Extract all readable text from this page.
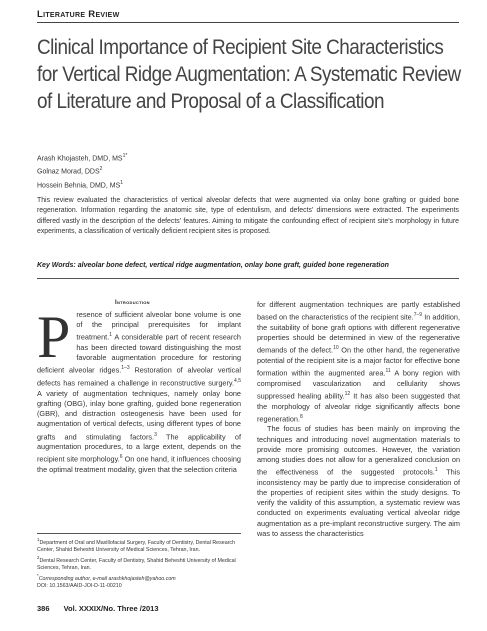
Literature Review
Clinical Importance of Recipient Site Characteristics for Vertical Ridge Augmentation: A Systematic Review of Literature and Proposal of a Classification
Arash Khojasteh, DMD, $MS^{1*}$
Golnaz Morad, DDS$^2$
Hossein Behnia, DMD, $MS^1$
This review evaluated the characteristics of vertical alveolar defects that were augmented via onlay bone grafting or guided bone regeneration. Information regarding the anatomic site, type of edentulism, and defects' dimensions were extracted. The experiments differed vastly in the description of the defects' features. Aiming to mitigate the confounding effect of recipient site's morphology in future experiments, a classification of vertically deficient recipient sites is proposed.
Key Words: alveolar bone defect, vertical ridge augmentation, onlay bone graft, guided bone regeneration
Introduction

Presence of sufficient alveolar bone volume is one of the principal prerequisites for implant treatment.$^1$ A considerable part of recent research has been directed toward distinguishing the most favorable augmentation procedure for restoring deficient alveolar ridges.$^{1-3}$ Restoration of alveolar vertical defects has remained a challenge in reconstructive surgery.$^{4,5}$ A variety of augmentation techniques, namely onlay bone grafting (OBG), inlay bone grafting, guided bone regeneration (GBR), and distraction osteogenesis have been used for augmentation of vertical defects, using different types of bone grafts and stimulating factors.$^3$ The applicability of augmentation procedures, to a large extent, depends on the recipient site morphology.$^6$ On one hand, it influences choosing the optimal treatment modality, given that the selection criteria

for different augmentation techniques are partly established based on the characteristics of the recipient site.$^{7-9}$ In addition, the suitability of bone graft options with different regenerative properties should be determined in view of the regenerative demands of the defect.$^{10}$ On the other hand, the regenerative potential of the recipient site is a major factor for effective bone formation within the augmented area.$^{11}$ A bony region with compromised vascularization and cellularity shows suppressed healing ability.$^{12}$ It has also been suggested that the morphology of alveolar ridge significantly affects bone regeneration.$^8$

The focus of studies has been mainly on improving the techniques and introducing novel augmentation materials to provide more promising outcomes. However, the variation among studies does not allow for a generalized conclusion on the effectiveness of the suggested protocols.$^1$ This inconsistency may be partly due to imprecise consideration of the properties of recipient sites within the study designs. To verify the validity of this assumption, a systematic review was conducted on experiments evaluating vertical alveolar ridge augmentation as a pre-implant reconstructive surgery. The aim was to assess the characteristics

$^1$Department of Oral and Maxillofacial Surgery, Faculty of Dentistry, Dental Research Center, Shahid Beheshti University of Medical Sciences, Tehran, Iran.
$^2$Dental Research Center, Faculty of Dentistry, Shahid Beheshti University of Medical Sciences, Tehran, Iran.
*Corresponding author, e-mail arashkhojasteh@yahoo.com
DOI: 10.1563/AAID-JOI-D-11-00210
386 Vol. XXXIX/No. Three /2013
